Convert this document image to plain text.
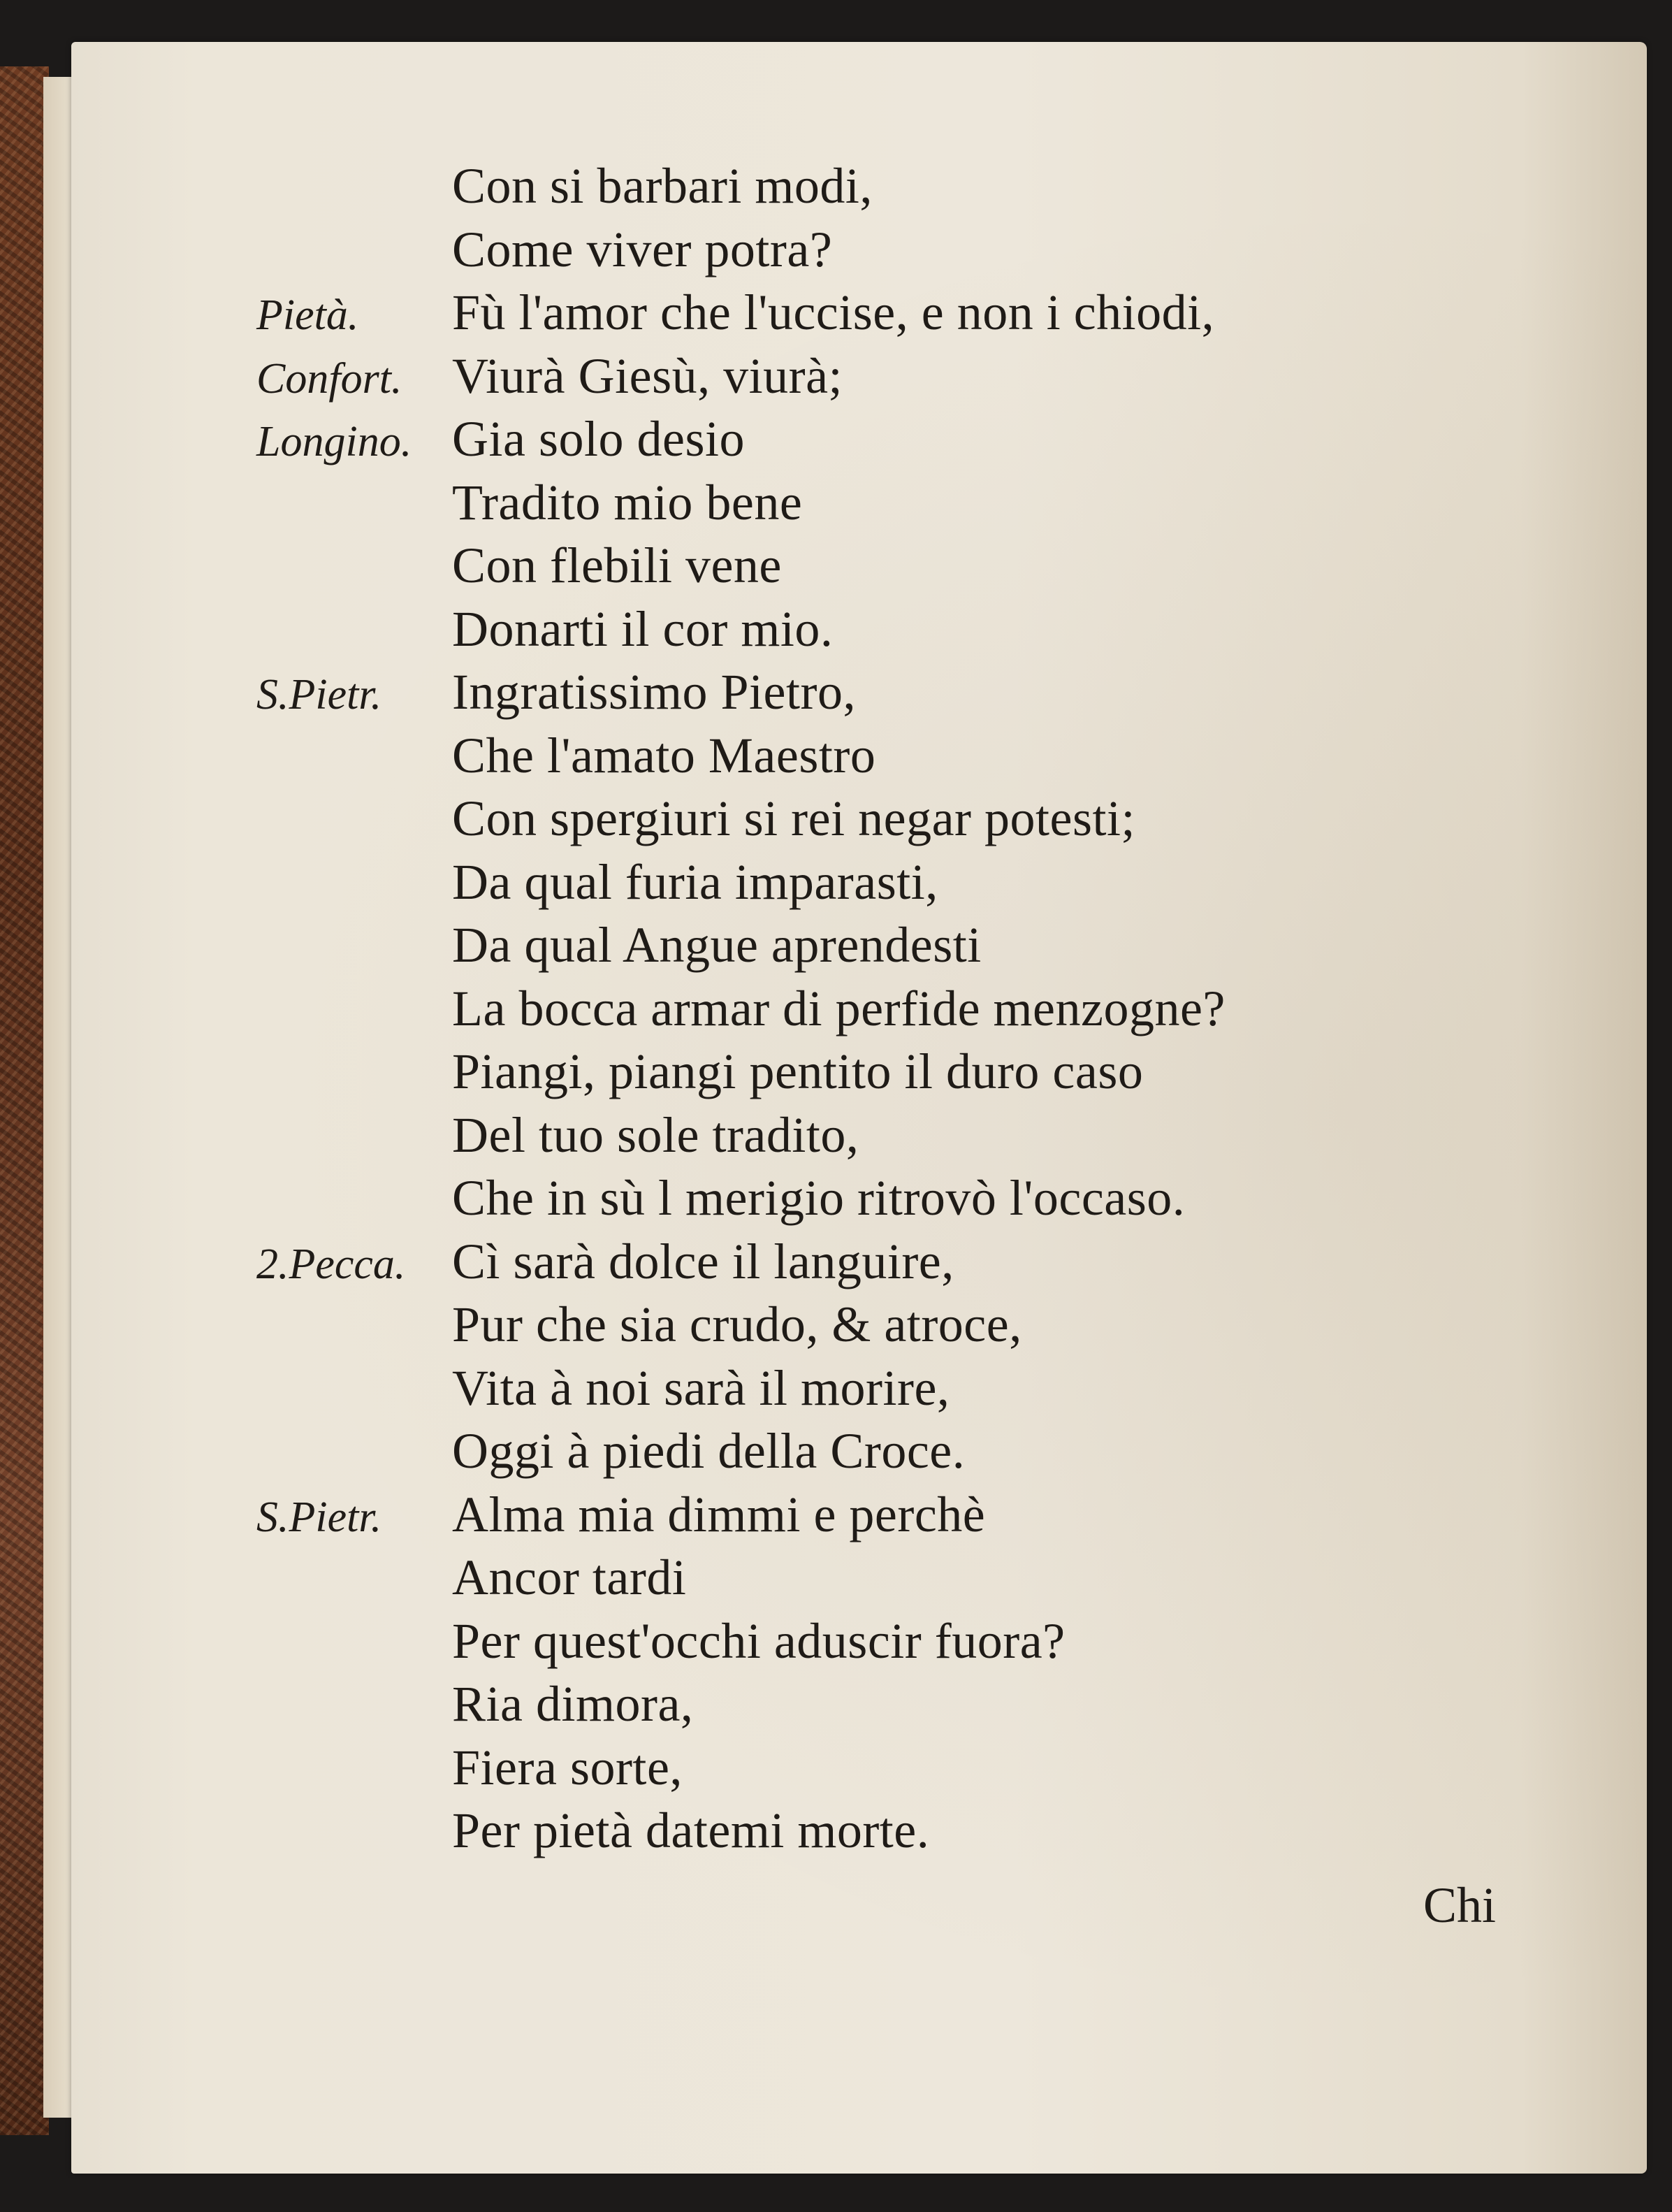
Con si barbari modi,
Come viver potra?
Pietà. Fù l'amor che l'uccise, e non i chiodi,
Confort. Viurà Giesù, viurà;
Longino. Gia solo desio
Tradito mio bene
Con flebili vene
Donarti il cor mio.
S.Pietr. Ingratissimo Pietro,
Che l'amato Maestro
Con spergiuri si rei negar potesti;
Da qual furia imparasti,
Da qual Angue aprendesti
La bocca armar di perfide menzogne?
Piangi, piangi pentito il duro caso
Del tuo sole tradito,
Che in sù l merigio ritrovò l'occaso.
2.Pecca. Cì sarà dolce il languire,
Pur che sia crudo, & atroce,
Vita à noi sarà il morire,
Oggi à piedi della Croce.
S.Pietr. Alma mia dimmi e perchè
Ancor tardi
Per quest'occhi aduscir fuora?
Ria dimora,
Fiera sorte,
Per pietà datemi morte.
Chi
